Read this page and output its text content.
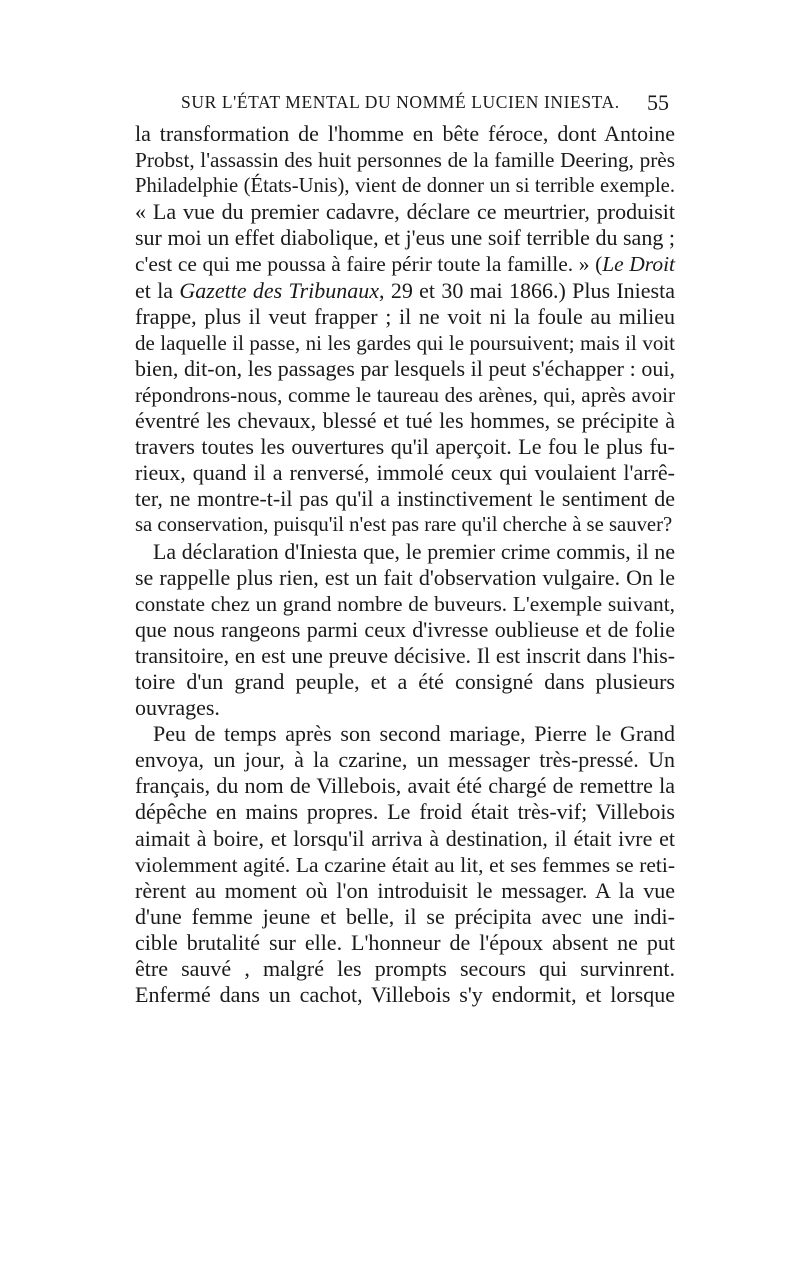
SUR L'ÉTAT MENTAL DU NOMMÉ LUCIEN INIESTA. 55
la transformation de l'homme en bête féroce, dont Antoine
Probst, l'assassin des huit personnes de la famille Deering, près
Philadelphie (États-Unis), vient de donner un si terrible exemple.
« La vue du premier cadavre, déclare ce meurtrier, produisit
sur moi un effet diabolique, et j'eus une soif terrible du sang ;
c'est ce qui me poussa à faire périr toute la famille. » (Le Droit
et la Gazette des Tribunaux, 29 et 30 mai 1866.) Plus Iniesta
frappe, plus il veut frapper ; il ne voit ni la foule au milieu
de laquelle il passe, ni les gardes qui le poursuivent; mais il voit
bien, dit-on, les passages par lesquels il peut s'échapper : oui,
répondrons-nous, comme le taureau des arènes, qui, après avoir
éventré les chevaux, blessé et tué les hommes, se précipite à
travers toutes les ouvertures qu'il aperçoit. Le fou le plus fu-
rieux, quand il a renversé, immolé ceux qui voulaient l'arrê-
ter, ne montre-t-il pas qu'il a instinctivement le sentiment de
sa conservation, puisqu'il n'est pas rare qu'il cherche à se sauver?
La déclaration d'Iniesta que, le premier crime commis, il ne
se rappelle plus rien, est un fait d'observation vulgaire. On le
constate chez un grand nombre de buveurs. L'exemple suivant,
que nous rangeons parmi ceux d'ivresse oublieuse et de folie
transitoire, en est une preuve décisive. Il est inscrit dans l'his-
toire d'un grand peuple, et a été consigné dans plusieurs
ouvrages.
Peu de temps après son second mariage, Pierre le Grand
envoya, un jour, à la czarine, un messager très-pressé. Un
français, du nom de Villebois, avait été chargé de remettre la
dépêche en mains propres. Le froid était très-vif; Villebois
aimait à boire, et lorsqu'il arriva à destination, il était ivre et
violemment agité. La czarine était au lit, et ses femmes se reti-
rèrent au moment où l'on introduisit le messager. A la vue
d'une femme jeune et belle, il se précipita avec une indi-
cible brutalité sur elle. L'honneur de l'époux absent ne put
être sauvé , malgré les prompts secours qui survinrent.
Enfermé dans un cachot, Villebois s'y endormit, et lorsque
